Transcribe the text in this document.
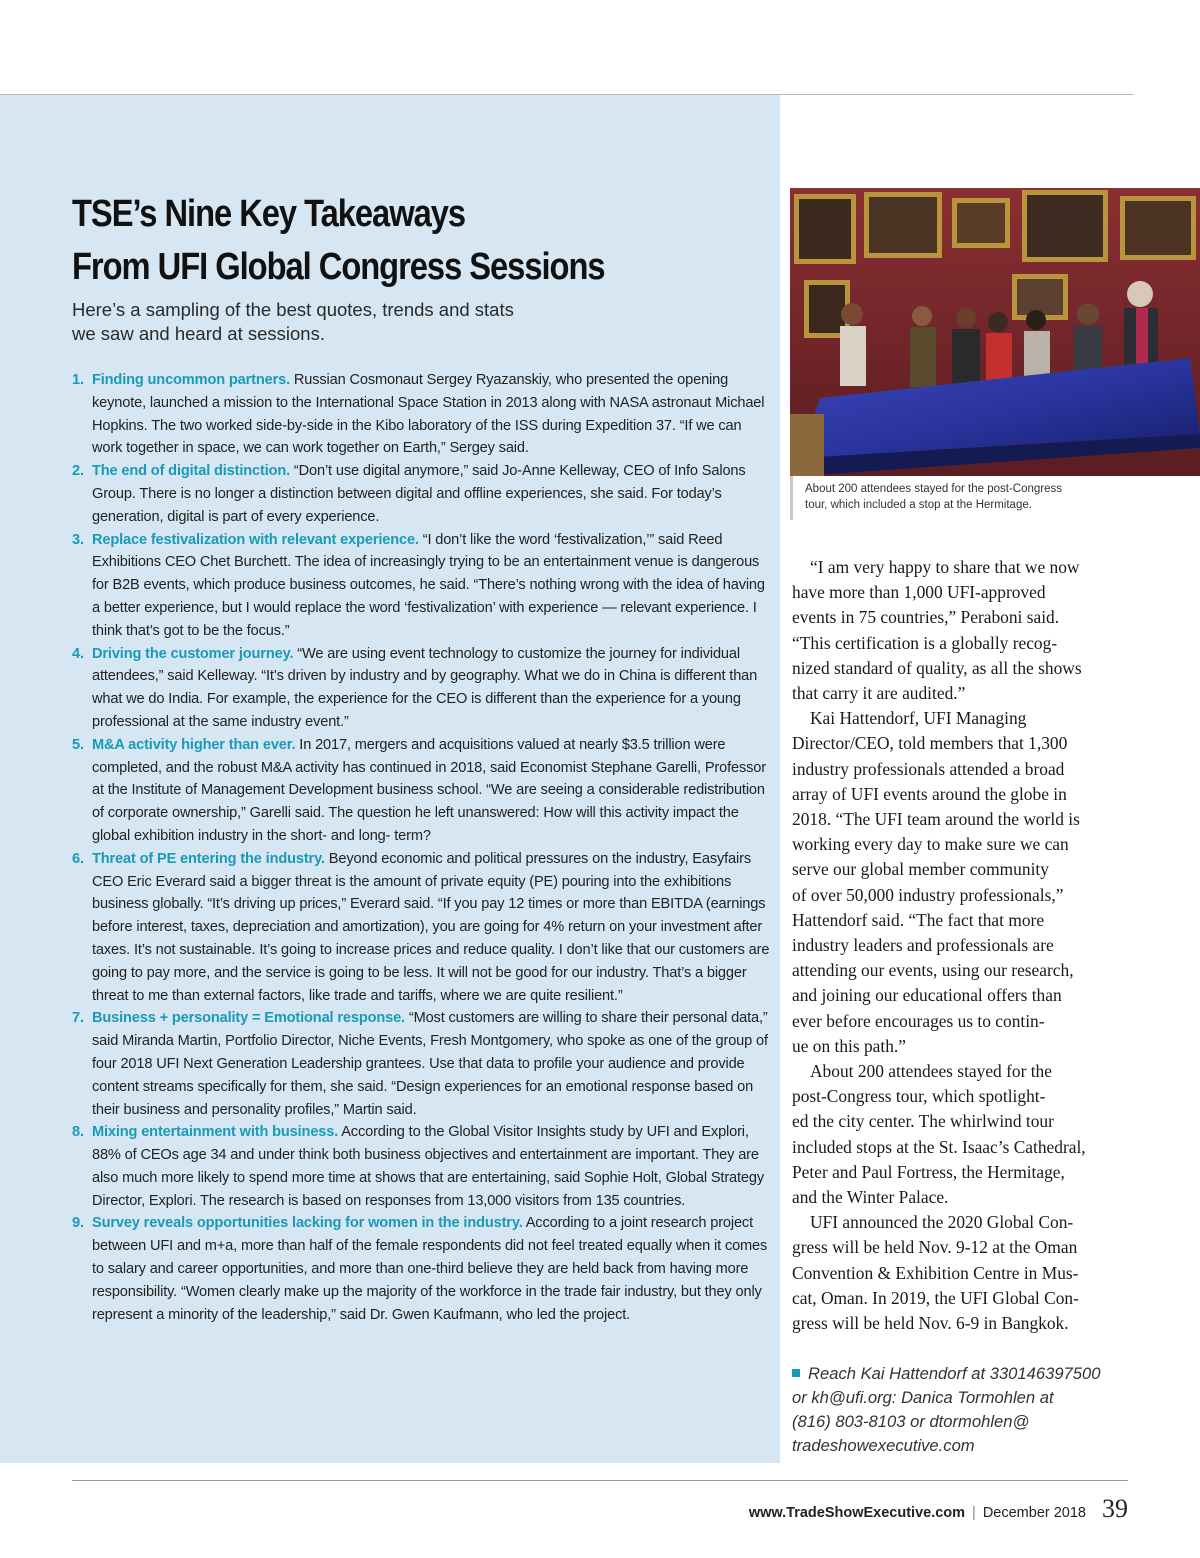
TSE’s Nine Key Takeaways
From UFI Global Congress Sessions

Here’s a sampling of the best quotes, trends and stats
we saw and heard at sessions.

1. Finding uncommon partners. Russian Cosmonaut Sergey Ryazanskiy, who presented the opening keynote, launched a mission to the International Space Station in 2013 along with NASA astronaut Michael Hopkins. The two worked side-by-side in the Kibo laboratory of the ISS during Expedition 37. “If we can work together in space, we can work together on Earth,” Sergey said.
2. The end of digital distinction. “Don’t use digital anymore,” said Jo-Anne Kelleway, CEO of Info Salons Group. There is no longer a distinction between digital and offline experiences, she said. For today’s generation, digital is part of every experience.
3. Replace festivalization with relevant experience. “I don’t like the word ‘festivalization,’” said Reed Exhibitions CEO Chet Burchett. The idea of increasingly trying to be an entertainment venue is dangerous for B2B events, which produce business outcomes, he said. “There’s nothing wrong with the idea of having a better experience, but I would replace the word ‘festivalization’ with experience — relevant experience. I think that’s got to be the focus.”
4. Driving the customer journey. “We are using event technology to customize the journey for individual attendees,” said Kelleway. “It’s driven by industry and by geography. What we do in China is different than what we do India. For example, the experience for the CEO is different than the experience for a young professional at the same industry event.”
5. M&A activity higher than ever. In 2017, mergers and acquisitions valued at nearly $3.5 trillion were completed, and the robust M&A activity has continued in 2018, said Economist Stephane Garelli, Professor at the Institute of Management Development business school. “We are seeing a considerable redistribution of corporate ownership,” Garelli said. The question he left unanswered: How will this activity impact the global exhibition industry in the short- and long- term?
6. Threat of PE entering the industry. Beyond economic and political pressures on the industry, Easyfairs CEO Eric Everard said a bigger threat is the amount of private equity (PE) pouring into the exhibitions business globally. “It’s driving up prices,” Everard said. “If you pay 12 times or more than EBITDA (earnings before interest, taxes, depreciation and amortization), you are going for 4% return on your investment after taxes. It’s not sustainable. It’s going to increase prices and reduce quality. I don’t like that our customers are going to pay more, and the service is going to be less. It will not be good for our industry. That’s a bigger threat to me than external factors, like trade and tariffs, where we are quite resilient.”
7. Business + personality = Emotional response. “Most customers are willing to share their personal data,” said Miranda Martin, Portfolio Director, Niche Events, Fresh Montgomery, who spoke as one of the group of four 2018 UFI Next Generation Leadership grantees. Use that data to profile your audience and provide content streams specifically for them, she said. “Design experiences for an emotional response based on their business and personality profiles,” Martin said.
8. Mixing entertainment with business. According to the Global Visitor Insights study by UFI and Explori, 88% of CEOs age 34 and under think both business objectives and entertainment are important. They are also much more likely to spend more time at shows that are entertaining, said Sophie Holt, Global Strategy Director, Explori. The research is based on responses from 13,000 visitors from 135 countries.
9. Survey reveals opportunities lacking for women in the industry. According to a joint research project between UFI and m+a, more than half of the female respondents did not feel treated equally when it comes to salary and career opportunities, and more than one-third believe they are held back from having more responsibility. “Women clearly make up the majority of the workforce in the trade fair industry, but they only represent a minority of the leadership,” said Dr. Gwen Kaufmann, who led the project.

About 200 attendees stayed for the post-Congress
tour, which included a stop at the Hermitage.

“I am very happy to share that we now
have more than 1,000 UFI-approved
events in 75 countries,” Peraboni said.
“This certification is a globally recog-
nized standard of quality, as all the shows
that carry it are audited.”
Kai Hattendorf, UFI Managing
Director/CEO, told members that 1,300
industry professionals attended a broad
array of UFI events around the globe in
2018. “The UFI team around the world is
working every day to make sure we can
serve our global member community
of over 50,000 industry professionals,”
Hattendorf said. “The fact that more
industry leaders and professionals are
attending our events, using our research,
and joining our educational offers than
ever before encourages us to contin-
ue on this path.”
About 200 attendees stayed for the
post-Congress tour, which spotlight-
ed the city center. The whirlwind tour
included stops at the St. Isaac’s Cathedral,
Peter and Paul Fortress, the Hermitage,
and the Winter Palace.
UFI announced the 2020 Global Con-
gress will be held Nov. 9-12 at the Oman
Convention & Exhibition Centre in Mus-
cat, Oman. In 2019, the UFI Global Con-
gress will be held Nov. 6-9 in Bangkok.
Reach Kai Hattendorf at 330146397500
or kh@ufi.org: Danica Tormohlen at
(816) 803-8103 or dtormohlen@
tradeshowexecutive.com
www.TradeShowExecutive.com | December 2018 39
